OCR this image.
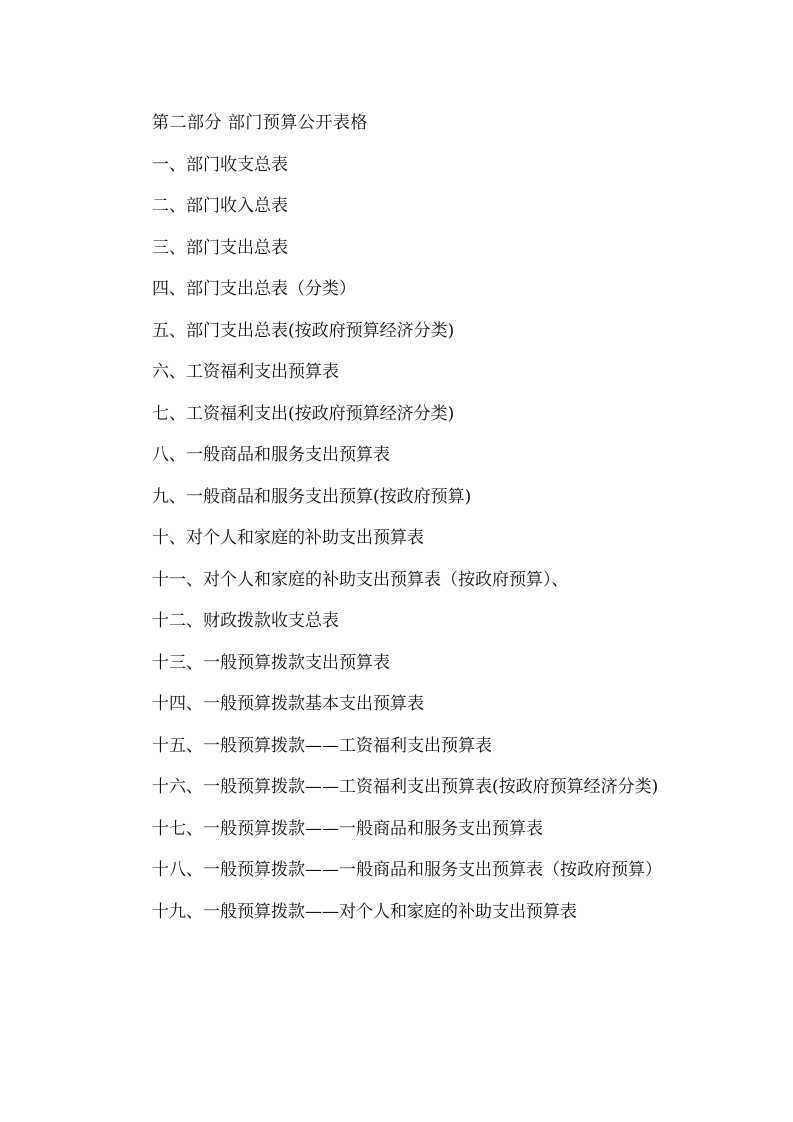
第二部分 部门预算公开表格

一、部门收支总表

二、部门收入总表

三、部门支出总表

四、部门支出总表（分类）

五、部门支出总表(按政府预算经济分类)

六、工资福利支出预算表

七、工资福利支出(按政府预算经济分类)

八、一般商品和服务支出预算表

九、一般商品和服务支出预算(按政府预算)

十、对个人和家庭的补助支出预算表

十一、对个人和家庭的补助支出预算表（按政府预算）、

十二、财政拨款收支总表

十三、一般预算拨款支出预算表

十四、一般预算拨款基本支出预算表

十五、一般预算拨款——工资福利支出预算表

十六、一般预算拨款——工资福利支出预算表(按政府预算经济分类)

十七、一般预算拨款——一般商品和服务支出预算表

十八、一般预算拨款——一般商品和服务支出预算表（按政府预算）

十九、一般预算拨款——对个人和家庭的补助支出预算表
